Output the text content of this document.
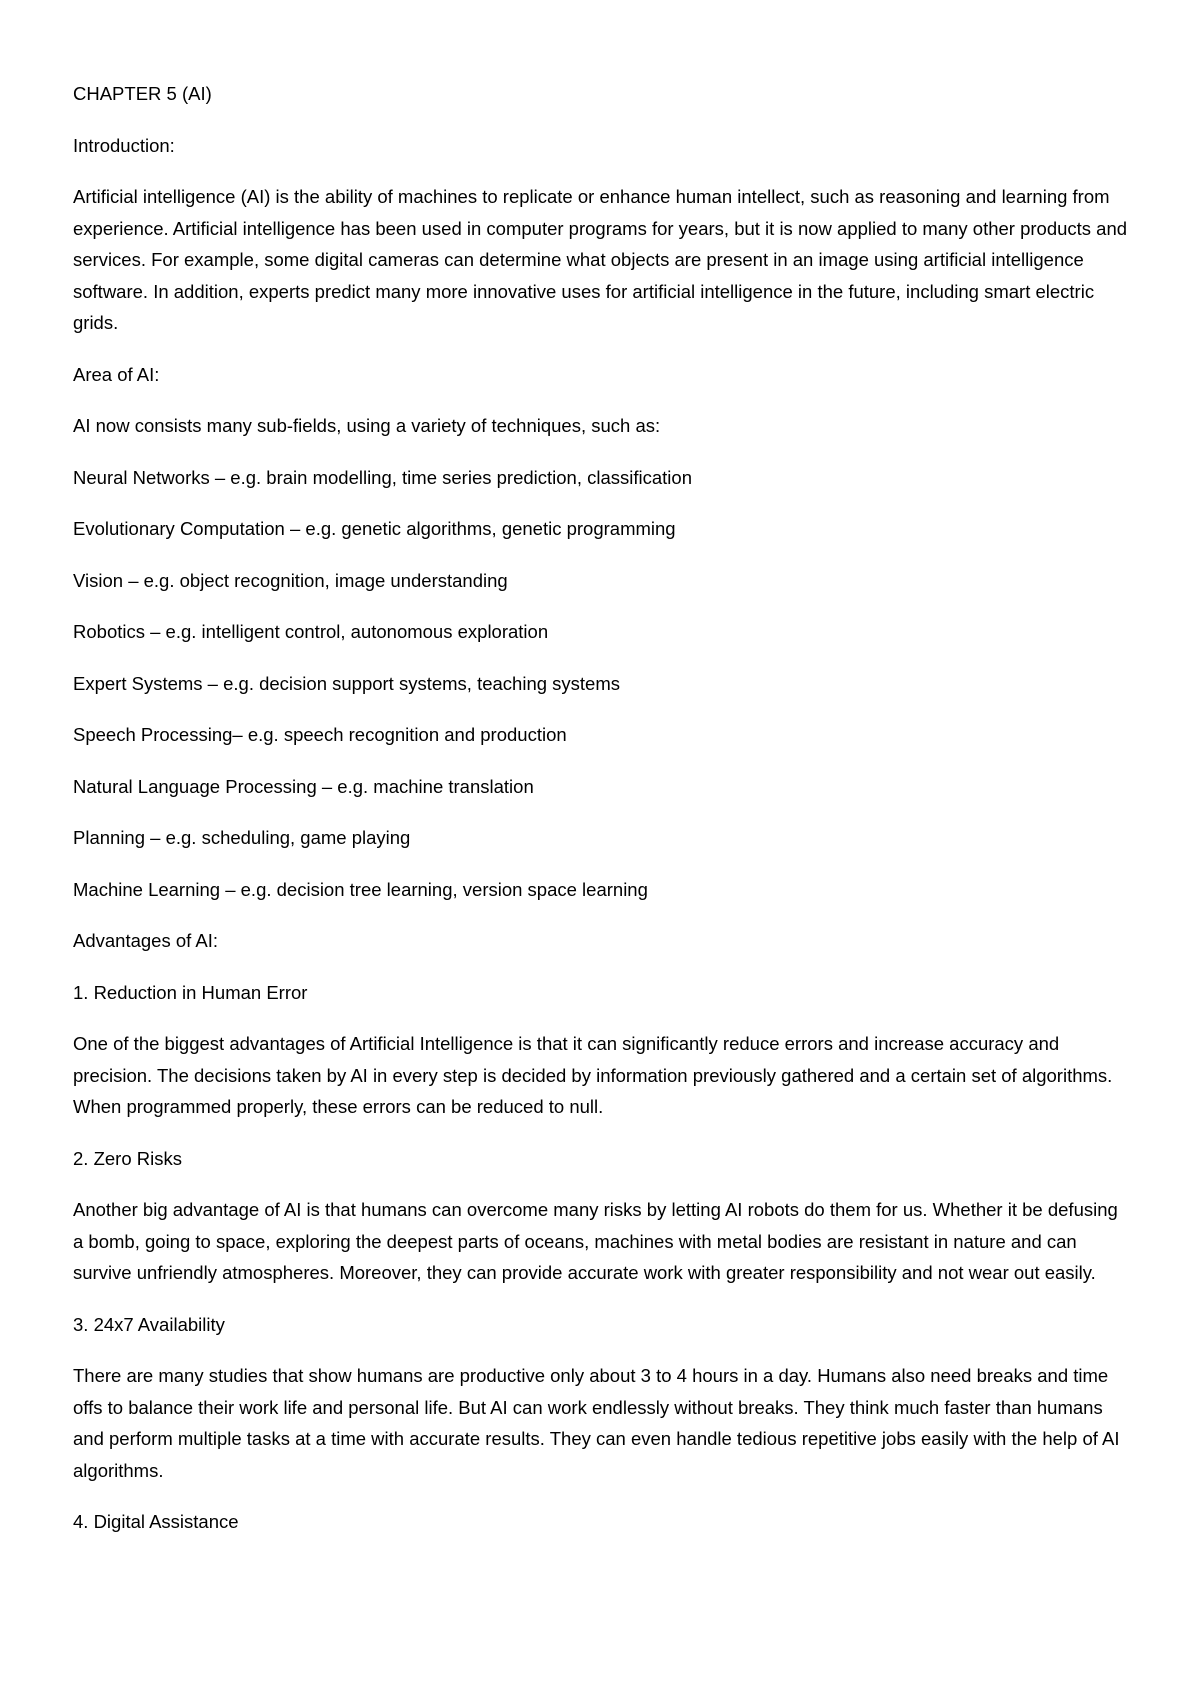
CHAPTER 5 (AI)

Introduction:

Artificial intelligence (AI) is the ability of machines to replicate or enhance human intellect, such as reasoning and learning from experience. Artificial intelligence has been used in computer programs for years, but it is now applied to many other products and services. For example, some digital cameras can determine what objects are present in an image using artificial intelligence software. In addition, experts predict many more innovative uses for artificial intelligence in the future, including smart electric grids.

Area of AI:

AI now consists many sub-fields, using a variety of techniques, such as:

Neural Networks – e.g. brain modelling, time series prediction, classification

Evolutionary Computation – e.g. genetic algorithms, genetic programming

Vision – e.g. object recognition, image understanding

Robotics – e.g. intelligent control, autonomous exploration

Expert Systems – e.g. decision support systems, teaching systems

Speech Processing– e.g. speech recognition and production

Natural Language Processing – e.g. machine translation

Planning – e.g. scheduling, game playing

Machine Learning – e.g. decision tree learning, version space learning

Advantages of AI:

1. Reduction in Human Error

One of the biggest advantages of Artificial Intelligence is that it can significantly reduce errors and increase accuracy and precision. The decisions taken by AI in every step is decided by information previously gathered and a certain set of algorithms. When programmed properly, these errors can be reduced to null.

2. Zero Risks

Another big advantage of AI is that humans can overcome many risks by letting AI robots do them for us. Whether it be defusing a bomb, going to space, exploring the deepest parts of oceans, machines with metal bodies are resistant in nature and can survive unfriendly atmospheres. Moreover, they can provide accurate work with greater responsibility and not wear out easily.

3. 24x7 Availability

There are many studies that show humans are productive only about 3 to 4 hours in a day. Humans also need breaks and time offs to balance their work life and personal life. But AI can work endlessly without breaks. They think much faster than humans and perform multiple tasks at a time with accurate results. They can even handle tedious repetitive jobs easily with the help of AI algorithms.

4. Digital Assistance
